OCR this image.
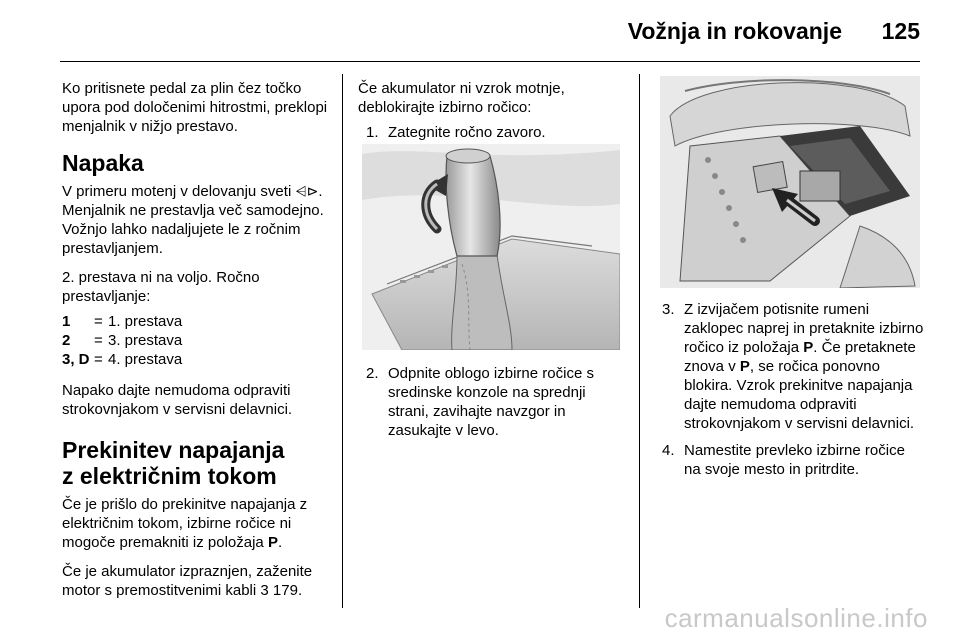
Vožnja in rokovanje 125

Ko pritisnete pedal za plin čez točko upora pod določenimi hitrostmi, preklopi menjalnik v nižjo prestavo.

Napaka

V primeru motenj v delovanju sveti ⩤⊳. Menjalnik ne prestavlja več samodejno. Vožnjo lahko nadaljujete le z ročnim prestavljanjem.

2. prestava ni na voljo. Ročno prestavljanje:

1	= 1. prestava
2	= 3. prestava
3, D = 4. prestava

Napako dajte nemudoma odpraviti strokovnjakom v servisni delavnici.

Prekinitev napajanja
z električnim tokom

Če je prišlo do prekinitve napajanja z električnim tokom, izbirne ročice ni mogoče premakniti iz položaja P.

Če je akumulator izpraznjen, zaženite motor s premostitvenimi kabli 3 179.

Če akumulator ni vzrok motnje, deblokirajte izbirno ročico:

1. Zategnite ročno zavoro.
2. Odpnite oblogo izbirne ročice s sredinske konzole na sprednji strani, zavihajte navzgor in zasukajte v levo.
3. Z izvijačem potisnite rumeni zaklopec naprej in pretaknite izbirno ročico iz položaja P. Če pretaknete znova v P, se ročica ponovno blokira. Vzrok prekinitve napajanja dajte nemudoma odpraviti strokovnjakom v servisni delavnici.
4. Namestite prevleko izbirne ročice na svoje mesto in pritrdite.
carmanualsonline.info
